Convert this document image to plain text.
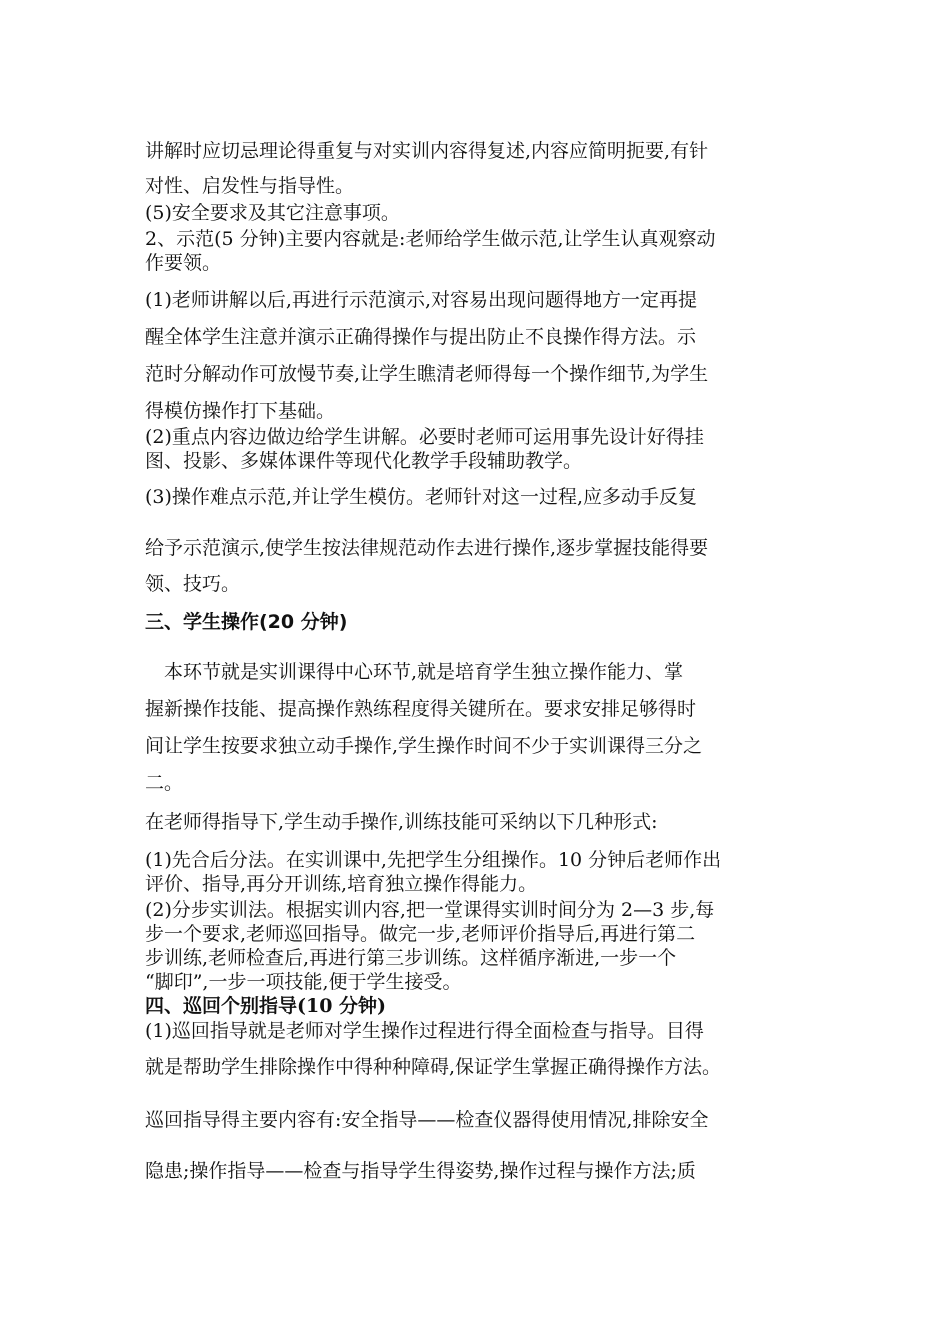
讲解时应切忌理论得重复与对实训内容得复述,内容应简明扼要,有针
对性、启发性与指导性。
(5)安全要求及其它注意事项。
2、示范(5 分钟)主要内容就是:老师给学生做示范,让学生认真观察动
作要领。
(1)老师讲解以后,再进行示范演示,对容易出现问题得地方一定再提
醒全体学生注意并演示正确得操作与提出防止不良操作得方法。示
范时分解动作可放慢节奏,让学生瞧清老师得每一个操作细节,为学生
得模仿操作打下基础。
(2)重点内容边做边给学生讲解。必要时老师可运用事先设计好得挂
图、投影、多媒体课件等现代化教学手段辅助教学。
(3)操作难点示范,并让学生模仿。老师针对这一过程,应多动手反复
给予示范演示,使学生按法律规范动作去进行操作,逐步掌握技能得要
领、技巧。
三、学生操作(20 分钟)
　本环节就是实训课得中心环节,就是培育学生独立操作能力、掌
握新操作技能、提高操作熟练程度得关键所在。要求安排足够得时
间让学生按要求独立动手操作,学生操作时间不少于实训课得三分之
二。
在老师得指导下,学生动手操作,训练技能可采纳以下几种形式:
(1)先合后分法。在实训课中,先把学生分组操作。10 分钟后老师作出
评价、指导,再分开训练,培育独立操作得能力。
(2)分步实训法。根据实训内容,把一堂课得实训时间分为 2—3 步,每
步一个要求,老师巡回指导。做完一步,老师评价指导后,再进行第二
步训练,老师检查后,再进行第三步训练。这样循序渐进,一步一个
“脚印”,一步一项技能,便于学生接受。
四、巡回个别指导(10 分钟)
(1)巡回指导就是老师对学生操作过程进行得全面检查与指导。目得
就是帮助学生排除操作中得种种障碍,保证学生掌握正确得操作方法。
巡回指导得主要内容有:安全指导——检查仪器得使用情况,排除安全
隐患;操作指导——检查与指导学生得姿势,操作过程与操作方法;质
